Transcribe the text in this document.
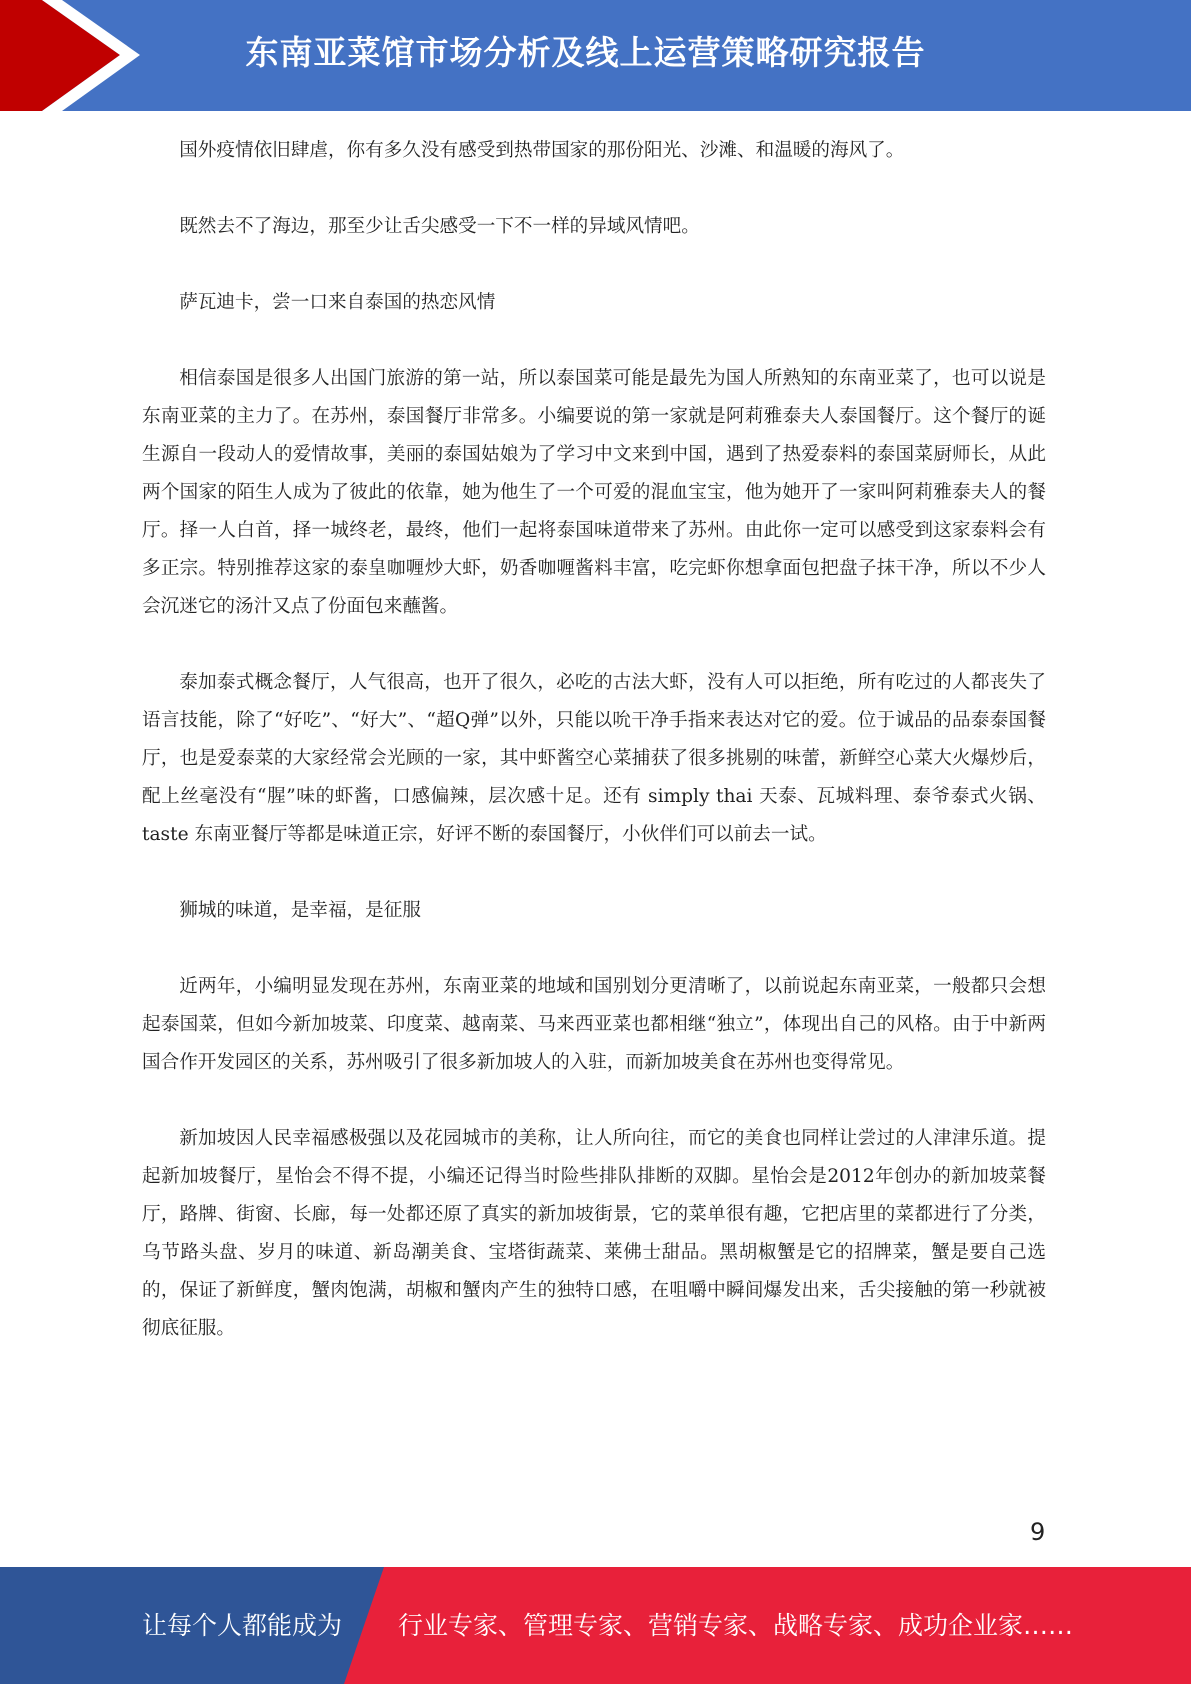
东南亚菜馆市场分析及线上运营策略研究报告

国外疫情依旧肆虐，你有多久没有感受到热带国家的那份阳光、沙滩、和温暖的海风了。

既然去不了海边，那至少让舌尖感受一下不一样的异域风情吧。

萨瓦迪卡，尝一口来自泰国的热恋风情

相信泰国是很多人出国门旅游的第一站，所以泰国菜可能是最先为国人所熟知的东南亚菜了，也可以说是东南亚菜的主力了。在苏州，泰国餐厅非常多。小编要说的第一家就是阿莉雅泰夫人泰国餐厅。这个餐厅的诞生源自一段动人的爱情故事，美丽的泰国姑娘为了学习中文来到中国，遇到了热爱泰料的泰国菜厨师长，从此两个国家的陌生人成为了彼此的依靠，她为他生了一个可爱的混血宝宝，他为她开了一家叫阿莉雅泰夫人的餐厅。择一人白首，择一城终老，最终，他们一起将泰国味道带来了苏州。由此你一定可以感受到这家泰料会有多正宗。特别推荐这家的泰皇咖喱炒大虾，奶香咖喱酱料丰富，吃完虾你想拿面包把盘子抹干净，所以不少人会沉迷它的汤汁又点了份面包来蘸酱。

泰加泰式概念餐厅，人气很高，也开了很久，必吃的古法大虾，没有人可以拒绝，所有吃过的人都丧失了语言技能，除了“好吃”、“好大”、“超Q弹”以外，只能以吮干净手指来表达对它的爱。位于诚品的品泰泰国餐厅，也是爱泰菜的大家经常会光顾的一家，其中虾酱空心菜捕获了很多挑剔的味蕾，新鲜空心菜大火爆炒后，配上丝毫没有“腥”味的虾酱，口感偏辣，层次感十足。还有 simply thai 天泰、瓦城料理、泰爷泰式火锅、taste 东南亚餐厅等都是味道正宗，好评不断的泰国餐厅，小伙伴们可以前去一试。

狮城的味道，是幸福，是征服

近两年，小编明显发现在苏州，东南亚菜的地域和国别划分更清晰了，以前说起东南亚菜，一般都只会想起泰国菜，但如今新加坡菜、印度菜、越南菜、马来西亚菜也都相继“独立”，体现出自己的风格。由于中新两国合作开发园区的关系，苏州吸引了很多新加坡人的入驻，而新加坡美食在苏州也变得常见。

新加坡因人民幸福感极强以及花园城市的美称，让人所向往，而它的美食也同样让尝过的人津津乐道。提起新加坡餐厅，星怡会不得不提，小编还记得当时险些排队排断的双脚。星怡会是2012年创办的新加坡菜餐厅，路牌、街窗、长廊，每一处都还原了真实的新加坡街景，它的菜单很有趣，它把店里的菜都进行了分类，乌节路头盘、岁月的味道、新岛潮美食、宝塔街蔬菜、莱佛士甜品。黑胡椒蟹是它的招牌菜，蟹是要自己选的，保证了新鲜度，蟹肉饱满，胡椒和蟹肉产生的独特口感，在咀嚼中瞬间爆发出来，舌尖接触的第一秒就被彻底征服。

9
让每个人都能成为 行业专家、管理专家、营销专家、战略专家、成功企业家……
